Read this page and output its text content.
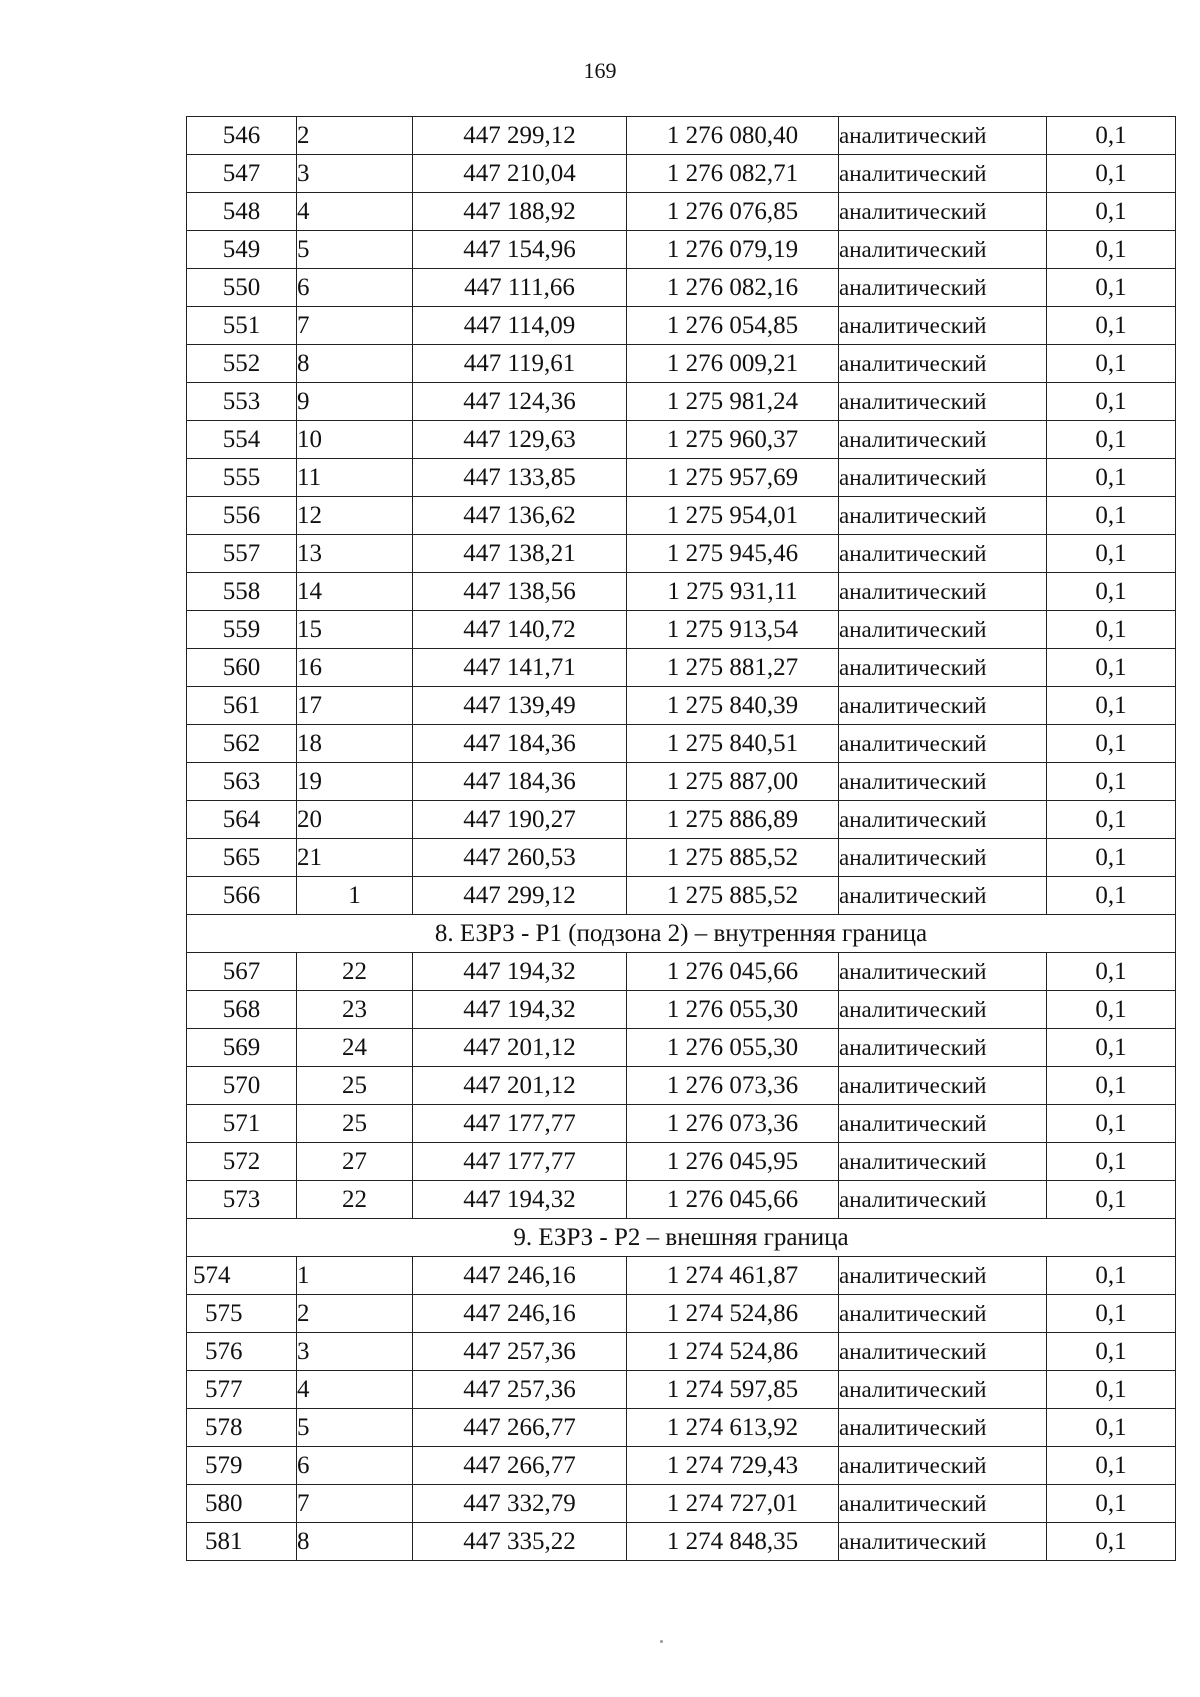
169
546	2	447 299,12	1 276 080,40	аналитический	0,1
547	3	447 210,04	1 276 082,71	аналитический	0,1
548	4	447 188,92	1 276 076,85	аналитический	0,1
549	5	447 154,96	1 276 079,19	аналитический	0,1
550	6	447 111,66	1 276 082,16	аналитический	0,1
551	7	447 114,09	1 276 054,85	аналитический	0,1
552	8	447 119,61	1 276 009,21	аналитический	0,1
553	9	447 124,36	1 275 981,24	аналитический	0,1
554	10	447 129,63	1 275 960,37	аналитический	0,1
555	11	447 133,85	1 275 957,69	аналитический	0,1
556	12	447 136,62	1 275 954,01	аналитический	0,1
557	13	447 138,21	1 275 945,46	аналитический	0,1
558	14	447 138,56	1 275 931,11	аналитический	0,1
559	15	447 140,72	1 275 913,54	аналитический	0,1
560	16	447 141,71	1 275 881,27	аналитический	0,1
561	17	447 139,49	1 275 840,39	аналитический	0,1
562	18	447 184,36	1 275 840,51	аналитический	0,1
563	19	447 184,36	1 275 887,00	аналитический	0,1
564	20	447 190,27	1 275 886,89	аналитический	0,1
565	21	447 260,53	1 275 885,52	аналитический	0,1
566	1	447 299,12	1 275 885,52	аналитический	0,1
8. ЕЗРЗ - Р1 (подзона 2) – внутренняя граница					
567	22	447 194,32	1 276 045,66	аналитический	0,1
568	23	447 194,32	1 276 055,30	аналитический	0,1
569	24	447 201,12	1 276 055,30	аналитический	0,1
570	25	447 201,12	1 276 073,36	аналитический	0,1
571	25	447 177,77	1 276 073,36	аналитический	0,1
572	27	447 177,77	1 276 045,95	аналитический	0,1
573	22	447 194,32	1 276 045,66	аналитический	0,1
9. ЕЗРЗ - Р2 – внешняя граница					
574	1	447 246,16	1 274 461,87	аналитический	0,1
575	2	447 246,16	1 274 524,86	аналитический	0,1
576	3	447 257,36	1 274 524,86	аналитический	0,1
577	4	447 257,36	1 274 597,85	аналитический	0,1
578	5	447 266,77	1 274 613,92	аналитический	0,1
579	6	447 266,77	1 274 729,43	аналитический	0,1
580	7	447 332,79	1 274 727,01	аналитический	0,1
581	8	447 335,22	1 274 848,35	аналитический	0,1
